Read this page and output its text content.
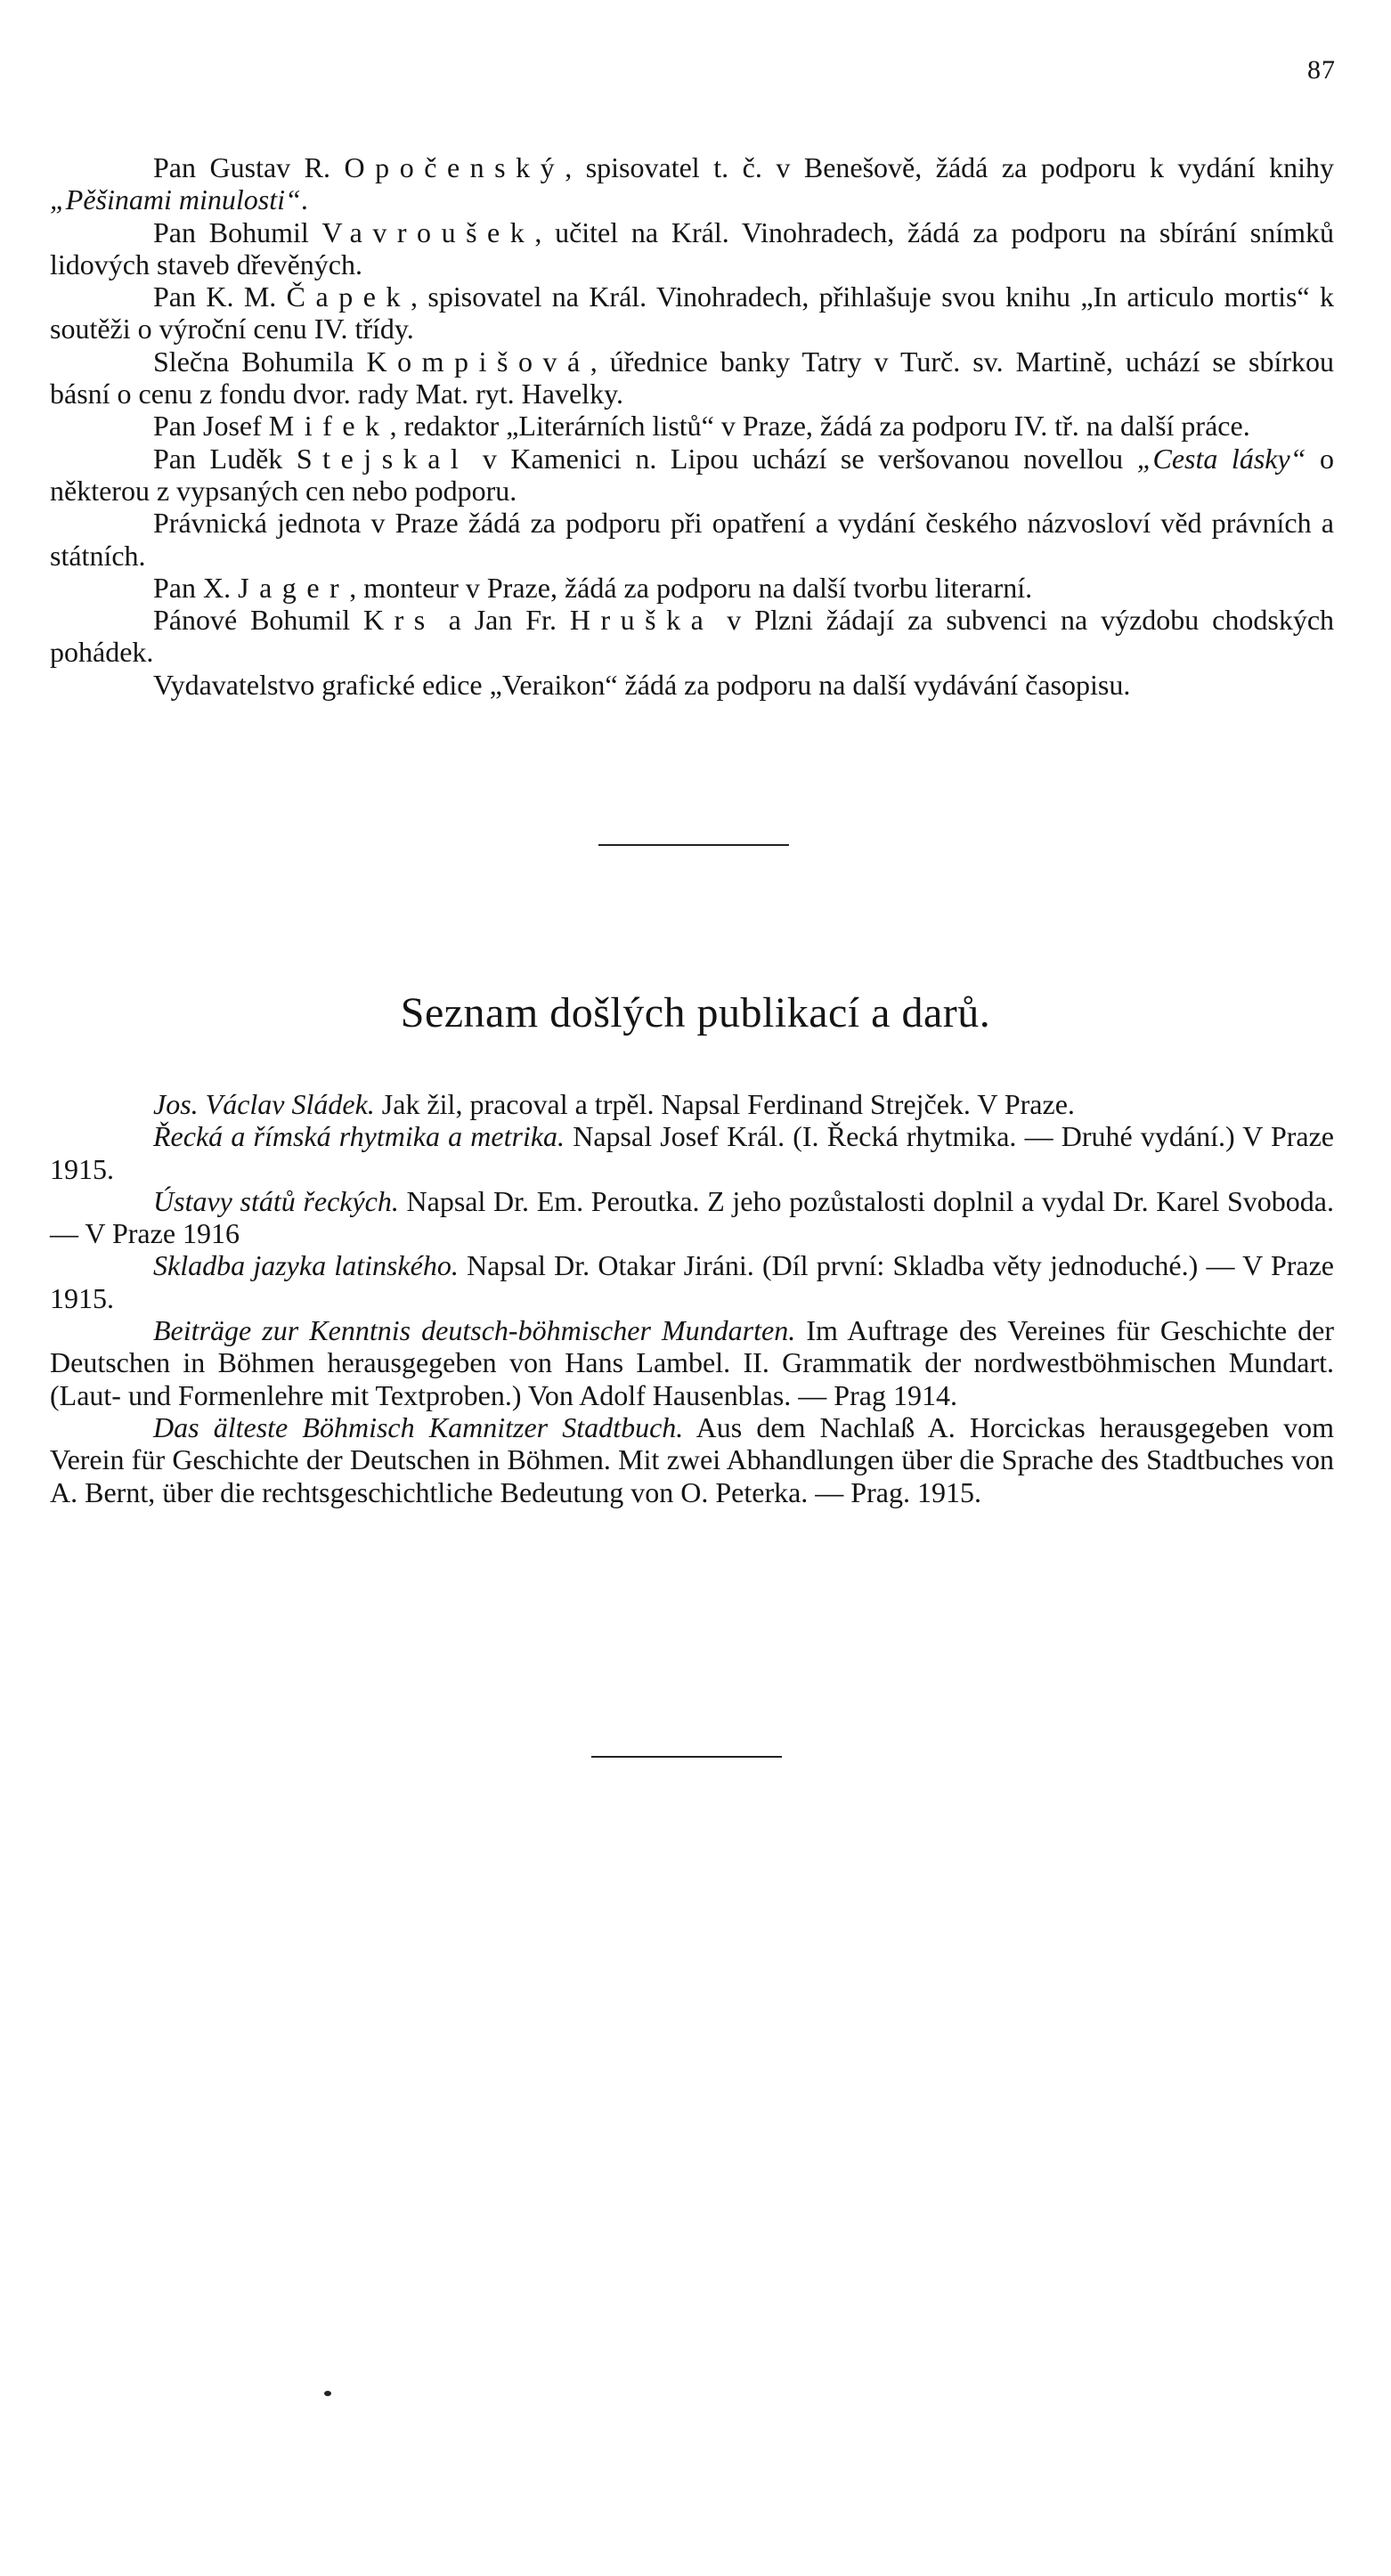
87

Pan Gustav R. Opočenský, spisovatel t. č. v Benešově, žádá za podporu k vydání knihy „Pěšinami minulosti“.

Pan Bohumil Vavroušek, učitel na Král. Vinohradech, žádá za podporu na sbírání snímků lidových staveb dřevěných.

Pan K. M. Čapek, spisovatel na Král. Vinohradech, přihlašuje svou knihu „In articulo mortis“ k soutěži o výroční cenu IV. třídy.

Slečna Bohumila Kompišová, úřednice banky Tatry v Turč. sv. Martině, uchází se sbírkou básní o cenu z fondu dvor. rady Mat. ryt. Havelky.

Pan Josef Mifek, redaktor „Literárních listů“ v Praze, žádá za podporu IV. tř. na další práce.

Pan Luděk Stejskal v Kamenici n. Lipou uchází se veršovanou novellou „Cesta lásky“ o některou z vypsaných cen nebo podporu.

Právnická jednota v Praze žádá za podporu při opatření a vydání českého názvosloví věd právních a státních.

Pan X. Jager, monteur v Praze, žádá za podporu na další tvorbu literarní.

Pánové Bohumil Krs a Jan Fr. Hruška v Plzni žádají za subvenci na výzdobu chodských pohádek.

Vydavatelstvo grafické edice „Veraikon“ žádá za podporu na další vydávání časopisu.

Seznam došlých publikací a darů.

Jos. Václav Sládek. Jak žil, pracoval a trpěl. Napsal Ferdinand Strejček. V Praze.

Řecká a římská rhytmika a metrika. Napsal Josef Král. (I. Řecká rhytmika. — Druhé vydání.) V Praze 1915.

Ústavy států řeckých. Napsal Dr. Em. Peroutka. Z jeho pozůstalosti doplnil a vydal Dr. Karel Svoboda. — V Praze 1916

Skladba jazyka latinského. Napsal Dr. Otakar Jiráni. (Díl první: Skladba věty jednoduché.) — V Praze 1915.

Beiträge zur Kenntnis deutsch-böhmischer Mundarten. Im Auftrage des Vereines für Geschichte der Deutschen in Böhmen herausgegeben von Hans Lambel. II. Grammatik der nordwestböhmischen Mundart. (Laut- und Formenlehre mit Textproben.) Von Adolf Hausenblas. — Prag 1914.

Das älteste Böhmisch Kamnitzer Stadtbuch. Aus dem Nachlaß A. Horcickas herausgegeben vom Verein für Geschichte der Deutschen in Böhmen. Mit zwei Abhandlungen über die Sprache des Stadtbuches von A. Bernt, über die rechtsgeschichtliche Bedeutung von O. Peterka. — Prag. 1915.
